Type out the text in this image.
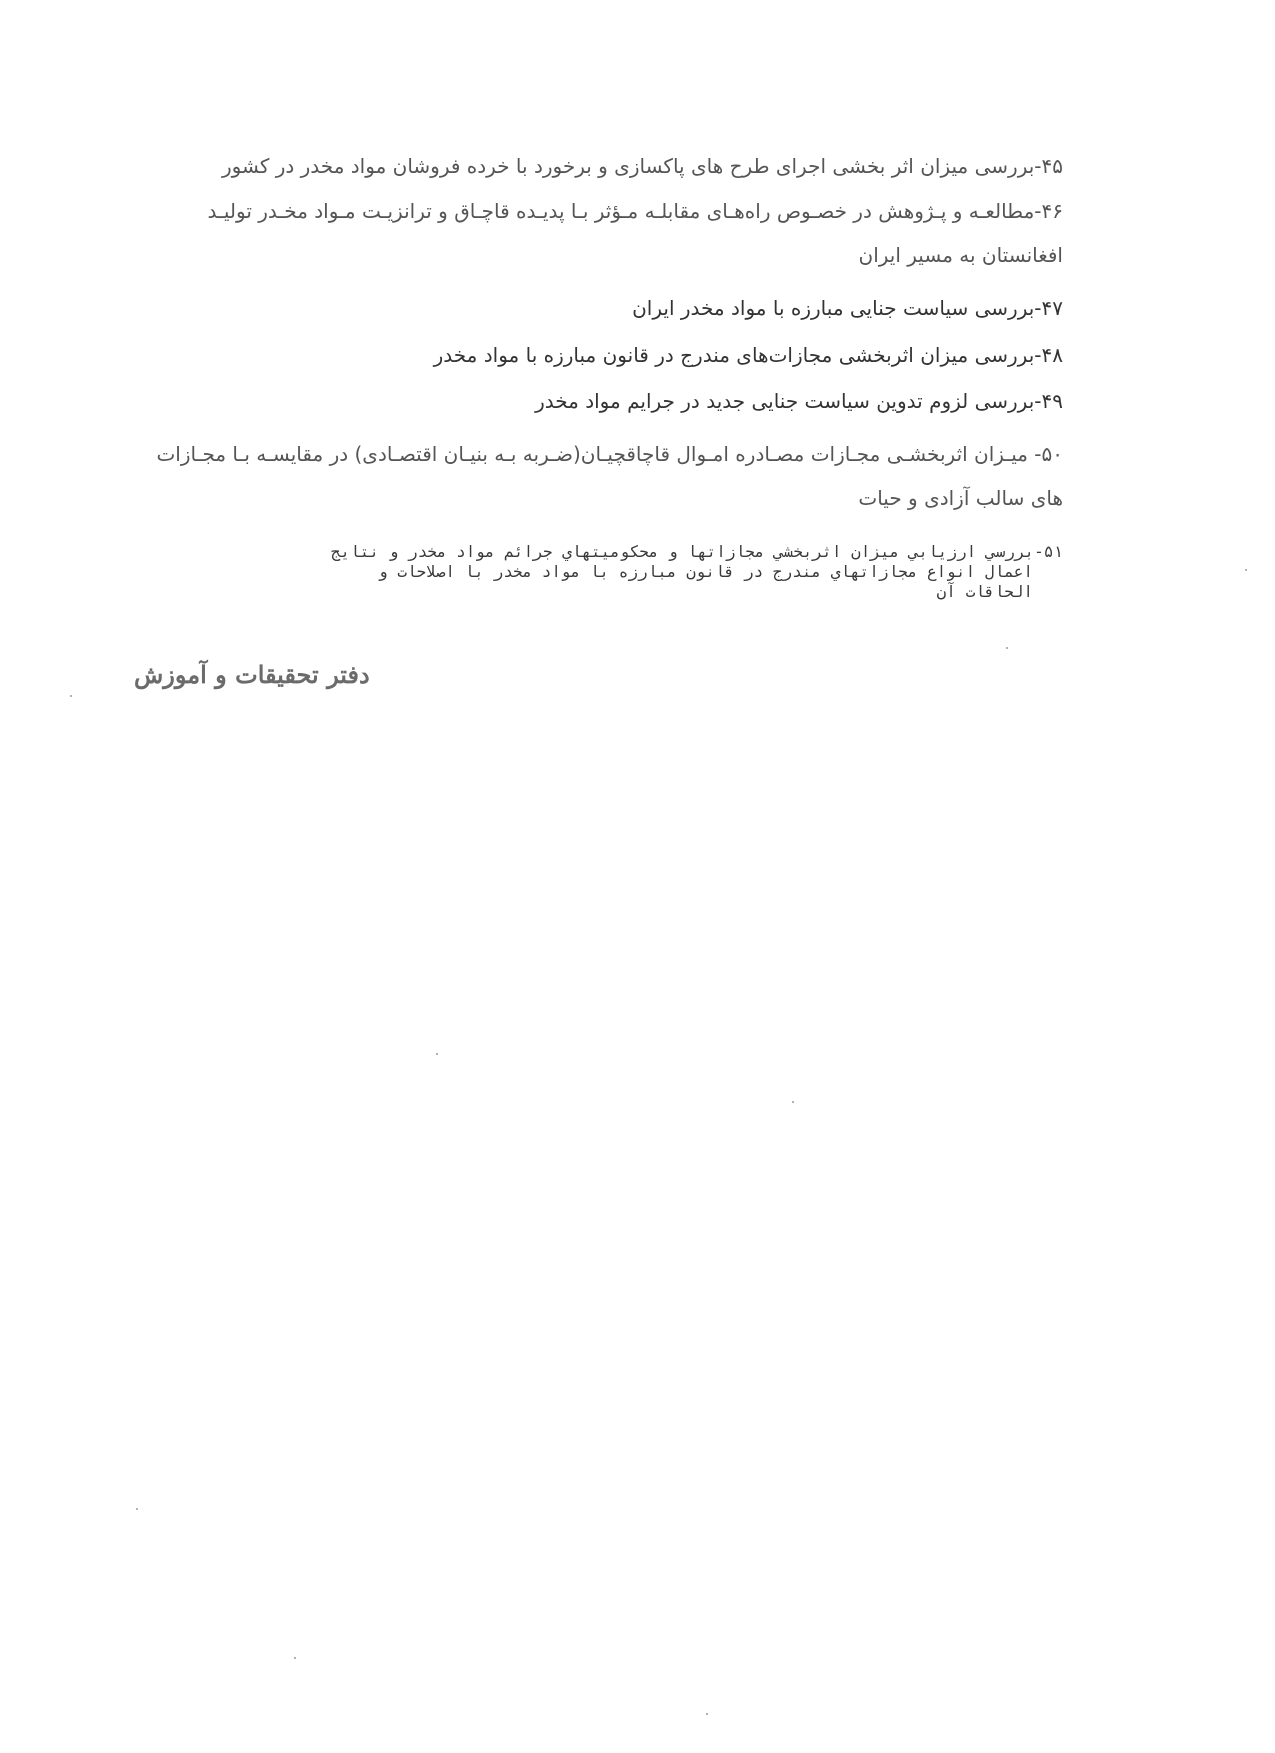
۴۵-بررسی میزان اثر بخشی اجرای طرح های پاکسازی و برخورد با خرده فروشان مواد مخدر در کشور
۴۶-مطالعـه و پـژوهش در خصـوص راه‌هـای مقابلـه مـؤثر بـا پدیـده قاچـاق و ترانزیـت مـواد مخـدر تولیـد
افغانستان به مسیر ایران
۴۷-بررسی سیاست جنایی مبارزه با مواد مخدر ایران
۴۸-بررسی میزان اثربخشی مجازات‌های مندرج در قانون مبارزه با مواد مخدر
۴۹-بررسی لزوم تدوین سیاست جنایی جدید در جرایم مواد مخدر
۵۰- میـزان اثربخشـی مجـازات مصـادره امـوال قاچاقچیـان(ضـربه بـه بنیـان اقتصـادی) در مقایسـه بـا مجـازات
های سالب آزادی و حیات
۵۱-بررسي ارزيابي ميزان اثربخشي مجازاتها و محكوميتهاي جرائم مواد مخدر و نتايج
اعمال انواع مجازاتهاي مندرج در قانون مبارزه با مواد مخدر با اصلاحات و
الحاقات آن
دفتر تحقیقات و آموزش
